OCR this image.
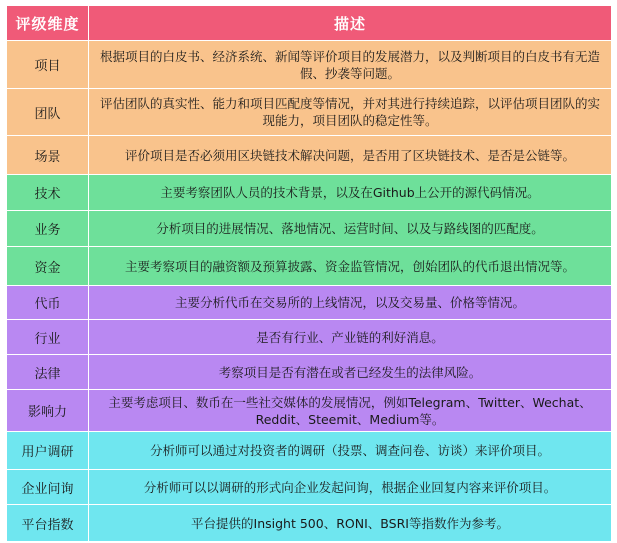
评级维度	描述
项目	根据项目的白皮书、经济系统、新闻等评价项目的发展潜力，以及判断项目的白皮书有无造假、抄袭等问题。
团队	评估团队的真实性、能力和项目匹配度等情况，并对其进行持续追踪，以评估项目团队的实现能力，项目团队的稳定性等。
场景	评价项目是否必须用区块链技术解决问题，是否用了区块链技术、是否是公链等。
技术	主要考察团队人员的技术背景，以及在Github上公开的源代码情况。
业务	分析项目的进展情况、落地情况、运营时间、以及与路线图的匹配度。
资金	主要考察项目的融资额及预算披露、资金监管情况，创始团队的代币退出情况等。
代币	主要分析代币在交易所的上线情况，以及交易量、价格等情况。
行业	是否有行业、产业链的利好消息。
法律	考察项目是否有潜在或者已经发生的法律风险。
影响力	主要考虑项目、数币在一些社交媒体的发展情况，例如Telegram、Twitter、Wechat、Reddit、Steemit、Medium等。
用户调研	分析师可以通过对投资者的调研（投票、调查问卷、访谈）来评价项目。
企业问询	分析师可以以调研的形式向企业发起问询，根据企业回复内容来评价项目。
平台指数	平台提供的Insight 500、RONI、BSRI等指数作为参考。
